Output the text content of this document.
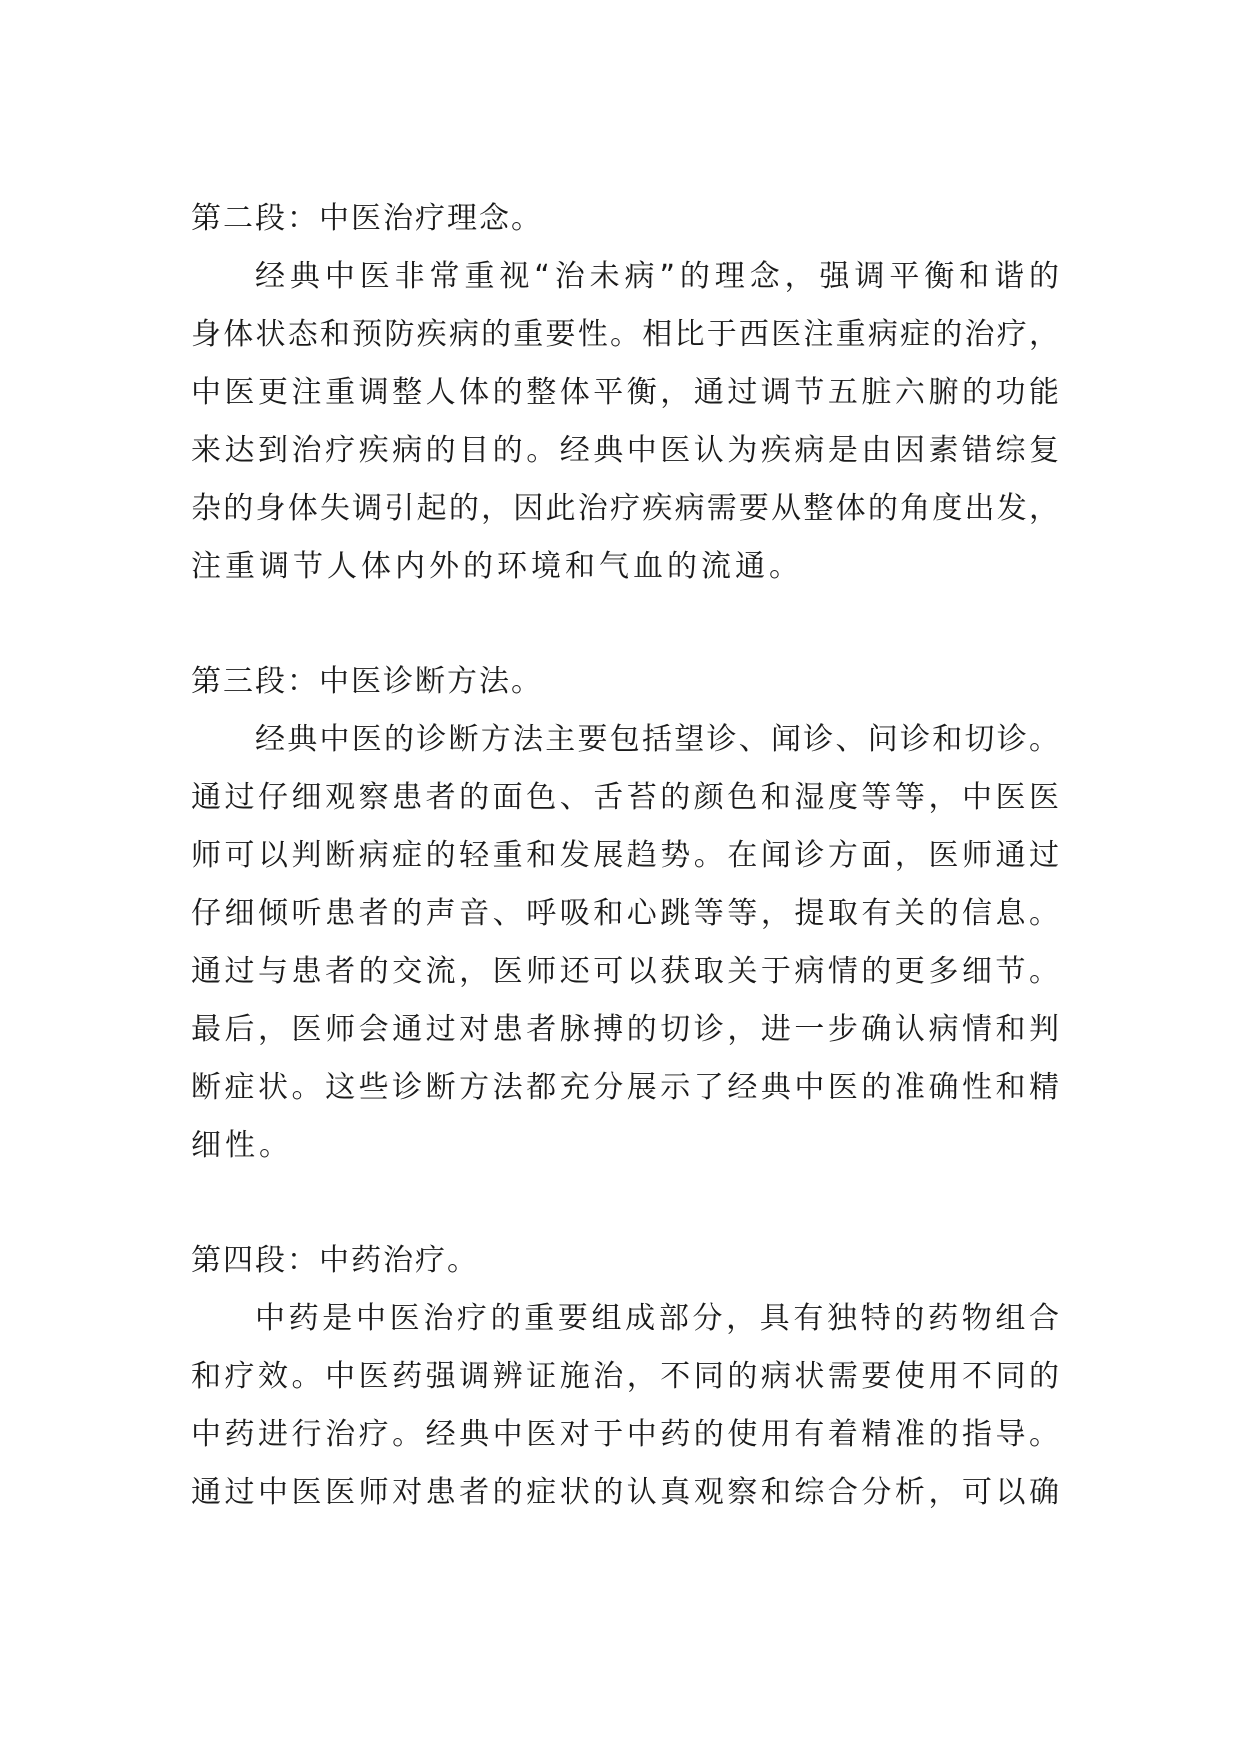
第二段：中医治疗理念。

经典中医非常重视“治未病”的理念，强调平衡和谐的

身体状态和预防疾病的重要性。相比于西医注重病症的治疗，

中医更注重调整人体的整体平衡，通过调节五脏六腑的功能

来达到治疗疾病的目的。经典中医认为疾病是由因素错综复

杂的身体失调引起的，因此治疗疾病需要从整体的角度出发，

注重调节人体内外的环境和气血的流通。

第三段：中医诊断方法。

经典中医的诊断方法主要包括望诊、闻诊、问诊和切诊。

通过仔细观察患者的面色、舌苔的颜色和湿度等等，中医医

师可以判断病症的轻重和发展趋势。在闻诊方面，医师通过

仔细倾听患者的声音、呼吸和心跳等等，提取有关的信息。

通过与患者的交流，医师还可以获取关于病情的更多细节。

最后，医师会通过对患者脉搏的切诊，进一步确认病情和判

断症状。这些诊断方法都充分展示了经典中医的准确性和精

细性。

第四段：中药治疗。

中药是中医治疗的重要组成部分，具有独特的药物组合

和疗效。中医药强调辨证施治，不同的病状需要使用不同的

中药进行治疗。经典中医对于中药的使用有着精准的指导。

通过中医医师对患者的症状的认真观察和综合分析，可以确
